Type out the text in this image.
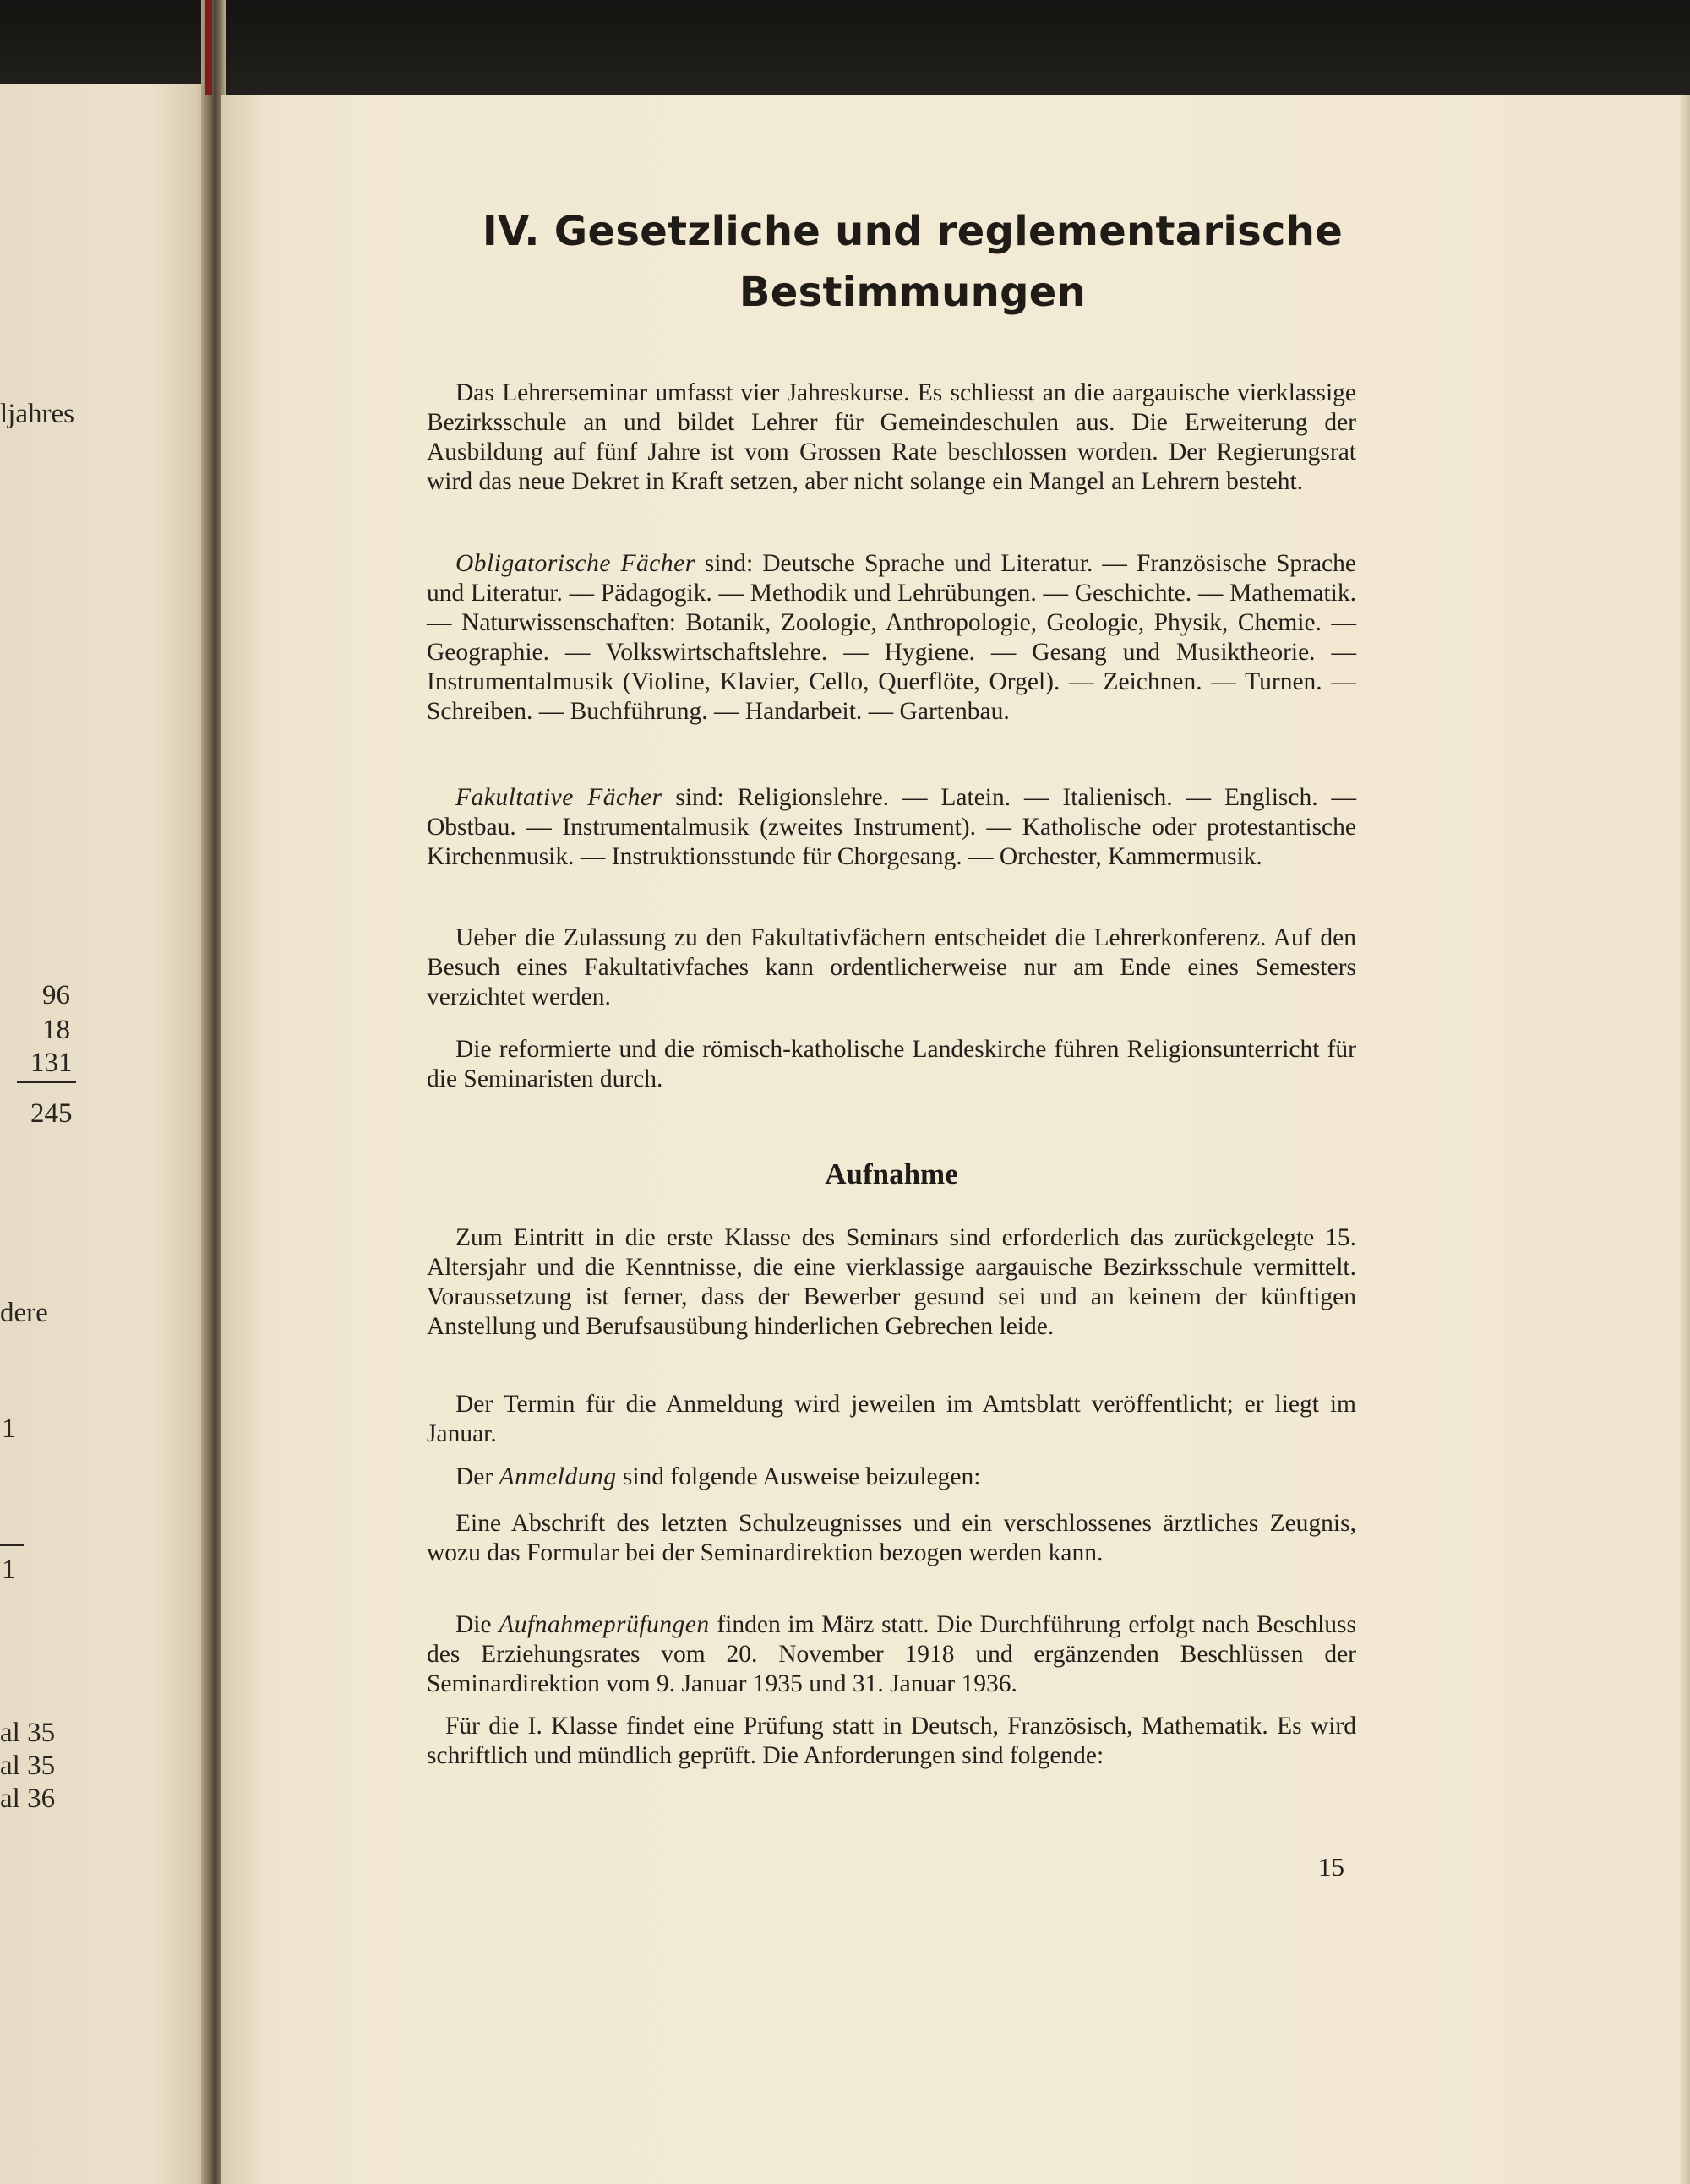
ljahres
96
18
131
245
dere
1
1
al 35
al 35
al 36
IV. Gesetzliche und reglementarische
Bestimmungen

Das Lehrerseminar umfasst vier Jahreskurse. Es schliesst an die aargauische vierklassige Bezirksschule an und bildet Lehrer für Gemeindeschulen aus. Die Erweiterung der Ausbildung auf fünf Jahre ist vom Grossen Rate beschlossen worden. Der Regierungsrat wird das neue Dekret in Kraft setzen, aber nicht solange ein Mangel an Lehrern besteht.

Obligatorische Fächer sind: Deutsche Sprache und Literatur. — Französische Sprache und Literatur. — Pädagogik. — Methodik und Lehrübungen. — Geschichte. — Mathematik. — Naturwissenschaften: Botanik, Zoologie, Anthropologie, Geologie, Physik, Chemie. — Geographie. — Volkswirtschaftslehre. — Hygiene. — Gesang und Musiktheorie. — Instrumentalmusik (Violine, Klavier, Cello, Querflöte, Orgel). — Zeichnen. — Turnen. — Schreiben. — Buchführung. — Handarbeit. — Gartenbau.

Fakultative Fächer sind: Religionslehre. — Latein. — Italienisch. — Englisch. — Obstbau. — Instrumentalmusik (zweites Instrument). — Katholische oder protestantische Kirchenmusik. — Instruktionsstunde für Chorgesang. — Orchester, Kammermusik.

Ueber die Zulassung zu den Fakultativfächern entscheidet die Lehrerkonferenz. Auf den Besuch eines Fakultativfaches kann ordentlicherweise nur am Ende eines Semesters verzichtet werden.

Die reformierte und die römisch-katholische Landeskirche führen Religionsunterricht für die Seminaristen durch.

Aufnahme

Zum Eintritt in die erste Klasse des Seminars sind erforderlich das zurückgelegte 15. Altersjahr und die Kenntnisse, die eine vierklassige aargauische Bezirksschule vermittelt. Voraussetzung ist ferner, dass der Bewerber gesund sei und an keinem der künftigen Anstellung und Berufsausübung hinderlichen Gebrechen leide.

Der Termin für die Anmeldung wird jeweilen im Amtsblatt veröffentlicht; er liegt im Januar.

Der Anmeldung sind folgende Ausweise beizulegen:

Eine Abschrift des letzten Schulzeugnisses und ein verschlossenes ärztliches Zeugnis, wozu das Formular bei der Seminardirektion bezogen werden kann.

Die Aufnahmeprüfungen finden im März statt. Die Durchführung erfolgt nach Beschluss des Erziehungsrates vom 20. November 1918 und ergänzenden Beschlüssen der Seminardirektion vom 9. Januar 1935 und 31. Januar 1936.

Für die I. Klasse findet eine Prüfung statt in Deutsch, Französisch, Mathematik. Es wird schriftlich und mündlich geprüft. Die Anforderungen sind folgende:

15
